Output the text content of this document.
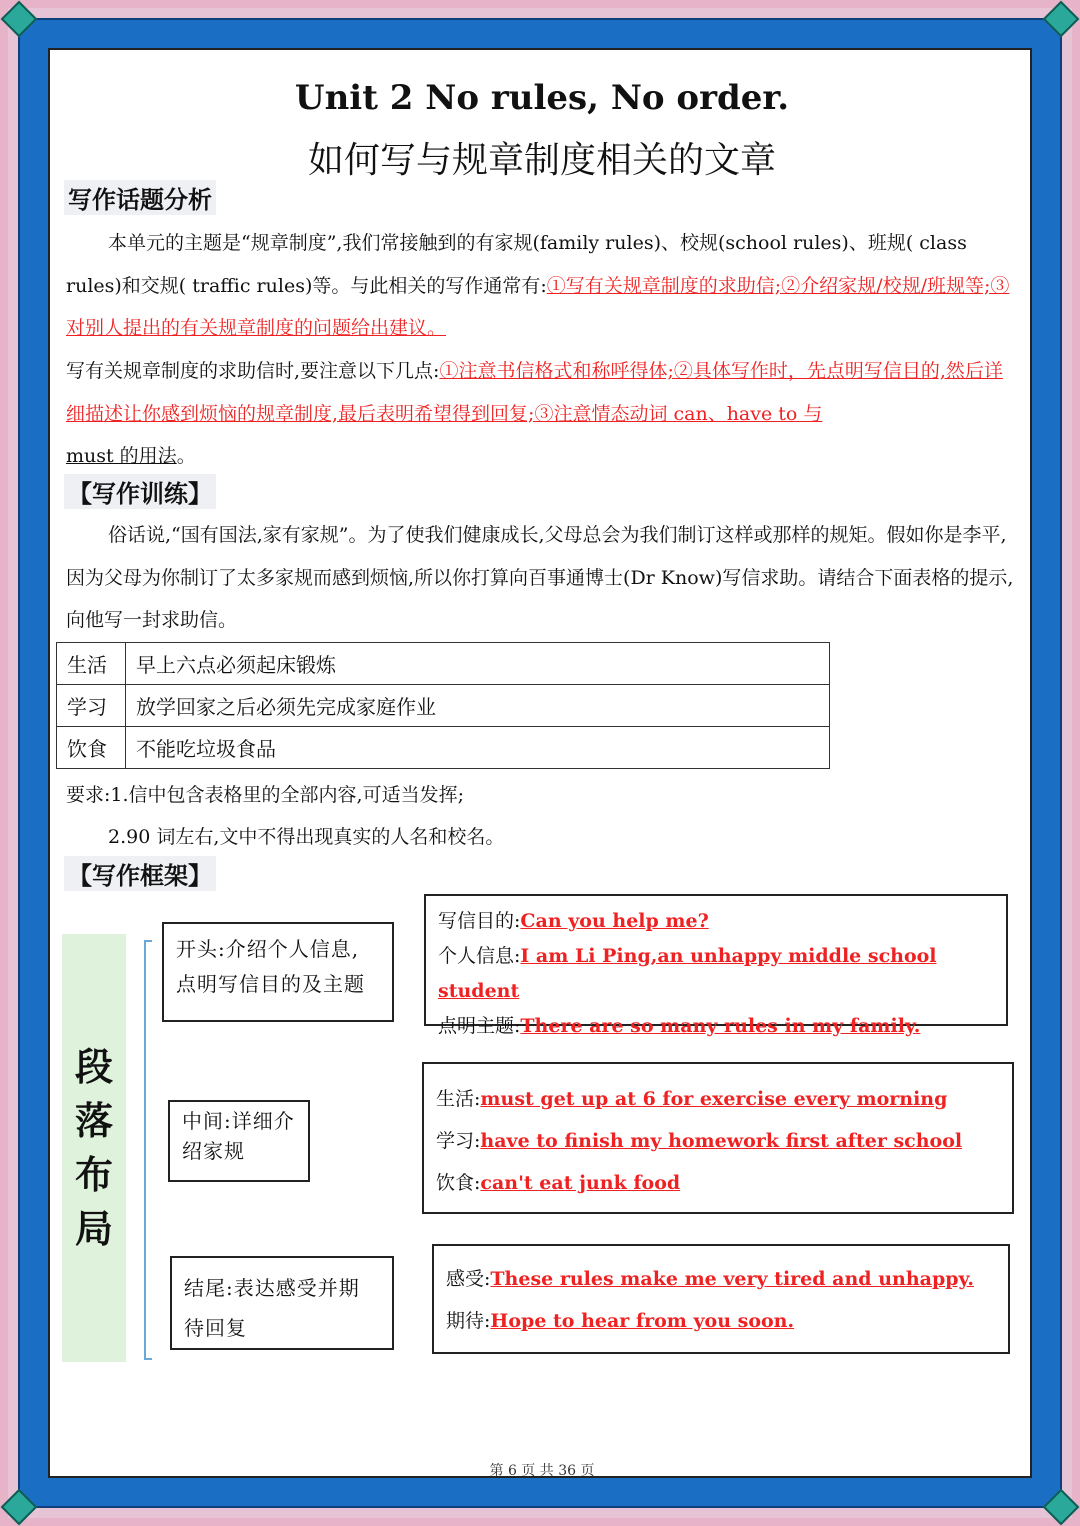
Unit 2 No rules, No order.
如何写与规章制度相关的文章
写作话题分析
本单元的主题是“规章制度”,我们常接触到的有家规(family rules)、校规(school rules)、班规( class rules)和交规( traffic rules)等。与此相关的写作通常有:①写有关规章制度的求助信;②介绍家规/校规/班规等;③对别人提出的有关规章制度的问题给出建议。
写有关规章制度的求助信时,要注意以下几点:①注意书信格式和称呼得体;②具体写作时，先点明写信目的,然后详细描述让你感到烦恼的规章制度,最后表明希望得到回复;③注意情态动词 can、have to 与
must 的用法。
【写作训练】
俗话说,“国有国法,家有家规”。为了使我们健康成长,父母总会为我们制订这样或那样的规矩。假如你是李平,因为父母为你制订了太多家规而感到烦恼,所以你打算向百事通博士(Dr Know)写信求助。请结合下面表格的提示,向他写一封求助信。
生活	早上六点必须起床锻炼
学习	放学回家之后必须先完成家庭作业
饮食	不能吃垃圾食品
要求:1.信中包含表格里的全部内容,可适当发挥;
2.90 词左右,文中不得出现真实的人名和校名。
【写作框架】
段
落
布
局
开头:介绍个人信息,点明写信目的及主题
写信目的:Can you help me?
个人信息:I am Li Ping,an unhappy middle school student
点明主题:There are so many rules in my family.
中间:详细介绍家规
生活:must get up at 6 for exercise every morning
学习:have to finish my homework first after school
饮食:can't eat junk food
结尾:表达感受并期待回复
感受:These rules make me very tired and unhappy.
期待:Hope to hear from you soon.
第 6 页 共 36 页
